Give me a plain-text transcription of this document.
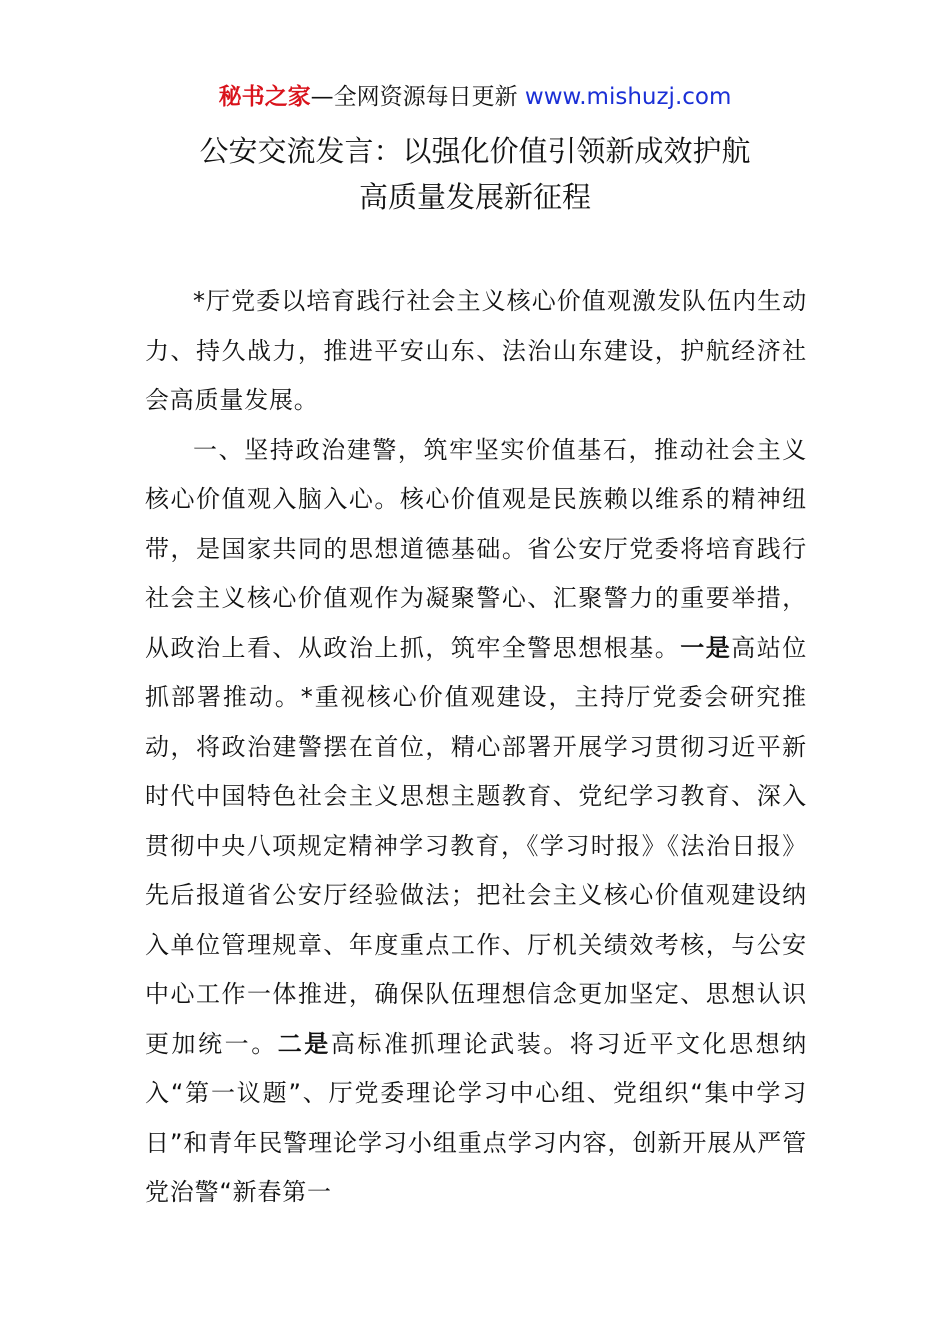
秘书之家—全网资源每日更新 www.mishuzj.com
公安交流发言：以强化价值引领新成效护航
高质量发展新征程

*厅党委以培育践行社会主义核心价值观激发队伍内生动力、持久战力，推进平安山东、法治山东建设，护航经济社会高质量发展。

一、坚持政治建警，筑牢坚实价值基石，推动社会主义核心价值观入脑入心。核心价值观是民族赖以维系的精神纽带，是国家共同的思想道德基础。省公安厅党委将培育践行社会主义核心价值观作为凝聚警心、汇聚警力的重要举措，从政治上看、从政治上抓，筑牢全警思想根基。一是高站位抓部署推动。*重视核心价值观建设，主持厅党委会研究推动，将政治建警摆在首位，精心部署开展学习贯彻习近平新时代中国特色社会主义思想主题教育、党纪学习教育、深入贯彻中央八项规定精神学习教育，《学习时报》《法治日报》先后报道省公安厅经验做法；把社会主义核心价值观建设纳入单位管理规章、年度重点工作、厅机关绩效考核，与公安中心工作一体推进，确保队伍理想信念更加坚定、思想认识更加统一。二是高标准抓理论武装。将习近平文化思想纳入“第一议题”、厅党委理论学习中心组、党组织“集中学习日”和青年民警理论学习小组重点学习内容，创新开展从严管党治警“新春第一
